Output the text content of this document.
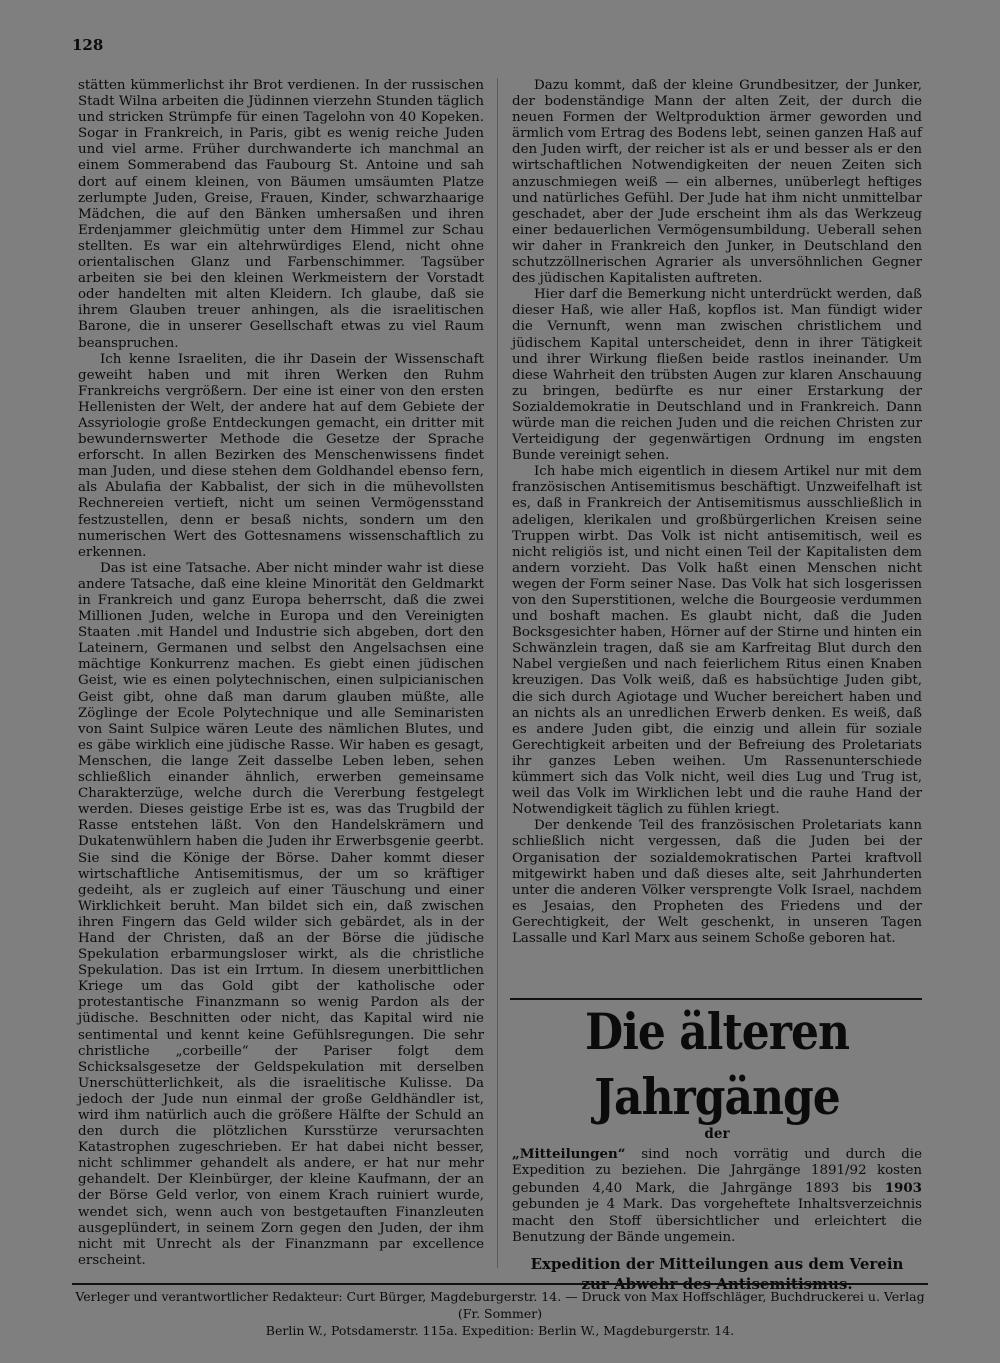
128

stätten kümmerlichst ihr Brot verdienen. In der russischen Stadt Wilna arbeiten die Jüdinnen vierzehn Stunden täglich und stricken Strümpfe für einen Tagelohn von 40 Kopeken. Sogar in Frankreich, in Paris, gibt es wenig reiche Juden und viel arme. Früher durchwanderte ich manchmal an einem Sommerabend das Faubourg St. Antoine und sah dort auf einem kleinen, von Bäumen umsäumten Platze zerlumpte Juden, Greise, Frauen, Kinder, schwarzhaarige Mädchen, die auf den Bänken umhersaßen und ihren Erdenjammer gleichmütig unter dem Himmel zur Schau stellten. Es war ein altehrwürdiges Elend, nicht ohne orientalischen Glanz und Farbenschimmer. Tagsüber arbeiten sie bei den kleinen Werkmeistern der Vorstadt oder handelten mit alten Kleidern. Ich glaube, daß sie ihrem Glauben treuer anhingen, als die israelitischen Barone, die in unserer Gesellschaft etwas zu viel Raum beanspruchen.

Ich kenne Israeliten, die ihr Dasein der Wissenschaft geweiht haben und mit ihren Werken den Ruhm Frankreichs vergrößern. Der eine ist einer von den ersten Hellenisten der Welt, der andere hat auf dem Gebiete der Assyriologie große Entdeckungen gemacht, ein dritter mit bewundernswerter Methode die Gesetze der Sprache erforscht. In allen Bezirken des Menschenwissens findet man Juden, und diese stehen dem Goldhandel ebenso fern, als Abulafia der Kabbalist, der sich in die mühevollsten Rechnereien vertieft, nicht um seinen Vermögensstand festzustellen, denn er besaß nichts, sondern um den numerischen Wert des Gottesnamens wissenschaftlich zu erkennen.

Das ist eine Tatsache. Aber nicht minder wahr ist diese andere Tatsache, daß eine kleine Minorität den Geldmarkt in Frankreich und ganz Europa beherrscht, daß die zwei Millionen Juden, welche in Europa und den Vereinigten Staaten .mit Handel und Industrie sich abgeben, dort den Lateinern, Germanen und selbst den Angelsachsen eine mächtige Konkurrenz machen. Es giebt einen jüdischen Geist, wie es einen polytechnischen, einen sulpicianischen Geist gibt, ohne daß man darum glauben müßte, alle Zöglinge der Ecole Polytechnique und alle Seminaristen von Saint Sulpice wären Leute des nämlichen Blutes, und es gäbe wirklich eine jüdische Rasse. Wir haben es gesagt, Menschen, die lange Zeit dasselbe Leben leben, sehen schließlich einander ähnlich, erwerben gemeinsame Charakterzüge, welche durch die Vererbung festgelegt werden. Dieses geistige Erbe ist es, was das Trugbild der Rasse entstehen läßt. Von den Handelskrämern und Dukatenwühlern haben die Juden ihr Erwerbsgenie geerbt. Sie sind die Könige der Börse. Daher kommt dieser wirtschaftliche Antisemitismus, der um so kräftiger gedeiht, als er zugleich auf einer Täuschung und einer Wirklichkeit beruht. Man bildet sich ein, daß zwischen ihren Fingern das Geld wilder sich gebärdet, als in der Hand der Christen, daß an der Börse die jüdische Spekulation erbarmungsloser wirkt, als die christliche Spekulation. Das ist ein Irrtum. In diesem unerbittlichen Kriege um das Gold gibt der katholische oder protestantische Finanzmann so wenig Pardon als der jüdische. Beschnitten oder nicht, das Kapital wird nie sentimental und kennt keine Gefühlsregungen. Die sehr christliche „corbeille“ der Pariser folgt dem Schicksalsgesetze der Geldspekulation mit derselben Unerschütterlichkeit, als die israelitische Kulisse. Da jedoch der Jude nun einmal der große Geldhändler ist, wird ihm natürlich auch die größere Hälfte der Schuld an den durch die plötzlichen Kursstürze verursachten Katastrophen zugeschrieben. Er hat dabei nicht besser, nicht schlimmer gehandelt als andere, er hat nur mehr gehandelt. Der Kleinbürger, der kleine Kaufmann, der an der Börse Geld verlor, von einem Krach ruiniert wurde, wendet sich, wenn auch von bestgetauften Finanzleuten ausgeplündert, in seinem Zorn gegen den Juden, der ihm nicht mit Unrecht als der Finanzmann par excellence erscheint.

Dazu kommt, daß der kleine Grundbesitzer, der Junker, der bodenständige Mann der alten Zeit, der durch die neuen Formen der Weltproduktion ärmer geworden und ärmlich vom Ertrag des Bodens lebt, seinen ganzen Haß auf den Juden wirft, der reicher ist als er und besser als er den wirtschaftlichen Notwendigkeiten der neuen Zeiten sich anzuschmiegen weiß — ein albernes, unüberlegt heftiges und natürliches Gefühl. Der Jude hat ihm nicht unmittelbar geschadet, aber der Jude erscheint ihm als das Werkzeug einer bedauerlichen Vermögensumbildung. Ueberall sehen wir daher in Frankreich den Junker, in Deutschland den schutzzöllnerischen Agrarier als unversöhnlichen Gegner des jüdischen Kapitalisten auftreten.

Hier darf die Bemerkung nicht unterdrückt werden, daß dieser Haß, wie aller Haß, kopflos ist. Man fündigt wider die Vernunft, wenn man zwischen christlichem und jüdischem Kapital unterscheidet, denn in ihrer Tätigkeit und ihrer Wirkung fließen beide rastlos ineinander. Um diese Wahrheit den trübsten Augen zur klaren Anschauung zu bringen, bedürfte es nur einer Erstarkung der Sozialdemokratie in Deutschland und in Frankreich. Dann würde man die reichen Juden und die reichen Christen zur Verteidigung der gegenwärtigen Ordnung im engsten Bunde vereinigt sehen.

Ich habe mich eigentlich in diesem Artikel nur mit dem französischen Antisemitismus beschäftigt. Unzweifelhaft ist es, daß in Frankreich der Antisemitismus ausschließlich in adeligen, klerikalen und großbürgerlichen Kreisen seine Truppen wirbt. Das Volk ist nicht antisemitisch, weil es nicht religiös ist, und nicht einen Teil der Kapitalisten dem andern vorzieht. Das Volk haßt einen Menschen nicht wegen der Form seiner Nase. Das Volk hat sich losgerissen von den Superstitionen, welche die Bourgeosie verdummen und boshaft machen. Es glaubt nicht, daß die Juden Bocksgesichter haben, Hörner auf der Stirne und hinten ein Schwänzlein tragen, daß sie am Karfreitag Blut durch den Nabel vergießen und nach feierlichem Ritus einen Knaben kreuzigen. Das Volk weiß, daß es habsüchtige Juden gibt, die sich durch Agiotage und Wucher bereichert haben und an nichts als an unredlichen Erwerb denken. Es weiß, daß es andere Juden gibt, die einzig und allein für soziale Gerechtigkeit arbeiten und der Befreiung des Proletariats ihr ganzes Leben weihen. Um Rassenunterschiede kümmert sich das Volk nicht, weil dies Lug und Trug ist, weil das Volk im Wirklichen lebt und die rauhe Hand der Notwendigkeit täglich zu fühlen kriegt.

Der denkende Teil des französischen Proletariats kann schließlich nicht vergessen, daß die Juden bei der Organisation der sozialdemokratischen Partei kraftvoll mitgewirkt haben und daß dieses alte, seit Jahrhunderten unter die anderen Völker versprengte Volk Israel, nachdem es Jesaias, den Propheten des Friedens und der Gerechtigkeit, der Welt geschenkt, in unseren Tagen Lassalle und Karl Marx aus seinem Schoße geboren hat.

Die älteren Jahrgänge
der

„Mitteilungen“ sind noch vorrätig und durch die Expedition zu beziehen. Die Jahrgänge 1891/92 kosten gebunden 4,40 Mark, die Jahrgänge 1893 bis 1903 gebunden je 4 Mark. Das vorgeheftete Inhaltsverzeichnis macht den Stoff übersichtlicher und erleichtert die Benutzung der Bände ungemein.

Expedition der Mitteilungen aus dem Verein
Verleger und verantwortlicher Redakteur: Curt Bürger, Magdeburgerstr. 14. — Druck von Max Hoffschläger, Buchdruckerei u. Verlag (Fr. Sommer)
Berlin W., Potsdamerstr. 115a. Expedition: Berlin W., Magdeburgerstr. 14.
